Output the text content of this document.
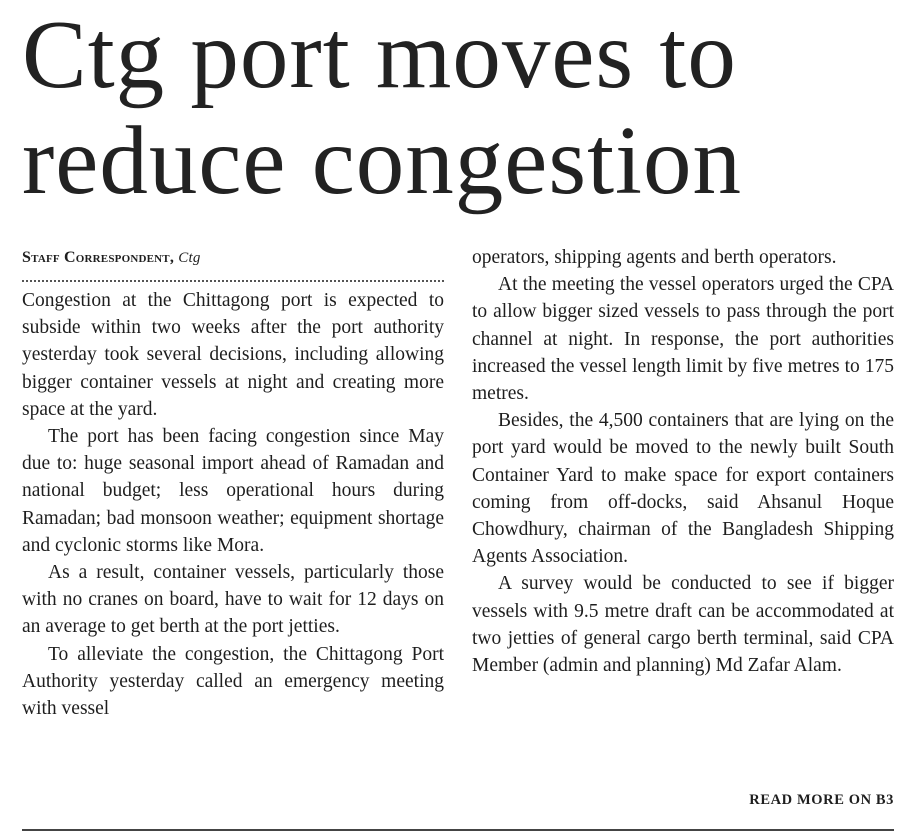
Ctg port moves to
reduce congestion

Staff Correspondent, Ctg

Congestion at the Chittagong port is expected to subside within two weeks after the port authority yesterday took several decisions, including allowing bigger container vessels at night and creating more space at the yard.

The port has been facing congestion since May due to: huge seasonal import ahead of Ramadan and national budget; less operational hours during Ramadan; bad monsoon weather; equipment shortage and cyclonic storms like Mora.

As a result, container vessels, particularly those with no cranes on board, have to wait for 12 days on an average to get berth at the port jetties.

To alleviate the congestion, the Chittagong Port Authority yesterday called an emergency meeting with vessel

operators, shipping agents and berth operators.

At the meeting the vessel operators urged the CPA to allow bigger sized vessels to pass through the port channel at night. In response, the port authorities increased the vessel length limit by five metres to 175 metres.

Besides, the 4,500 containers that are lying on the port yard would be moved to the newly built South Container Yard to make space for export containers coming from off-docks, said Ahsanul Hoque Chowdhury, chairman of the Bangladesh Shipping Agents Association.

A survey would be conducted to see if bigger vessels with 9.5 metre draft can be accommodated at two jetties of general cargo berth terminal, said CPA Member (admin and planning) Md Zafar Alam.

READ MORE ON B3
